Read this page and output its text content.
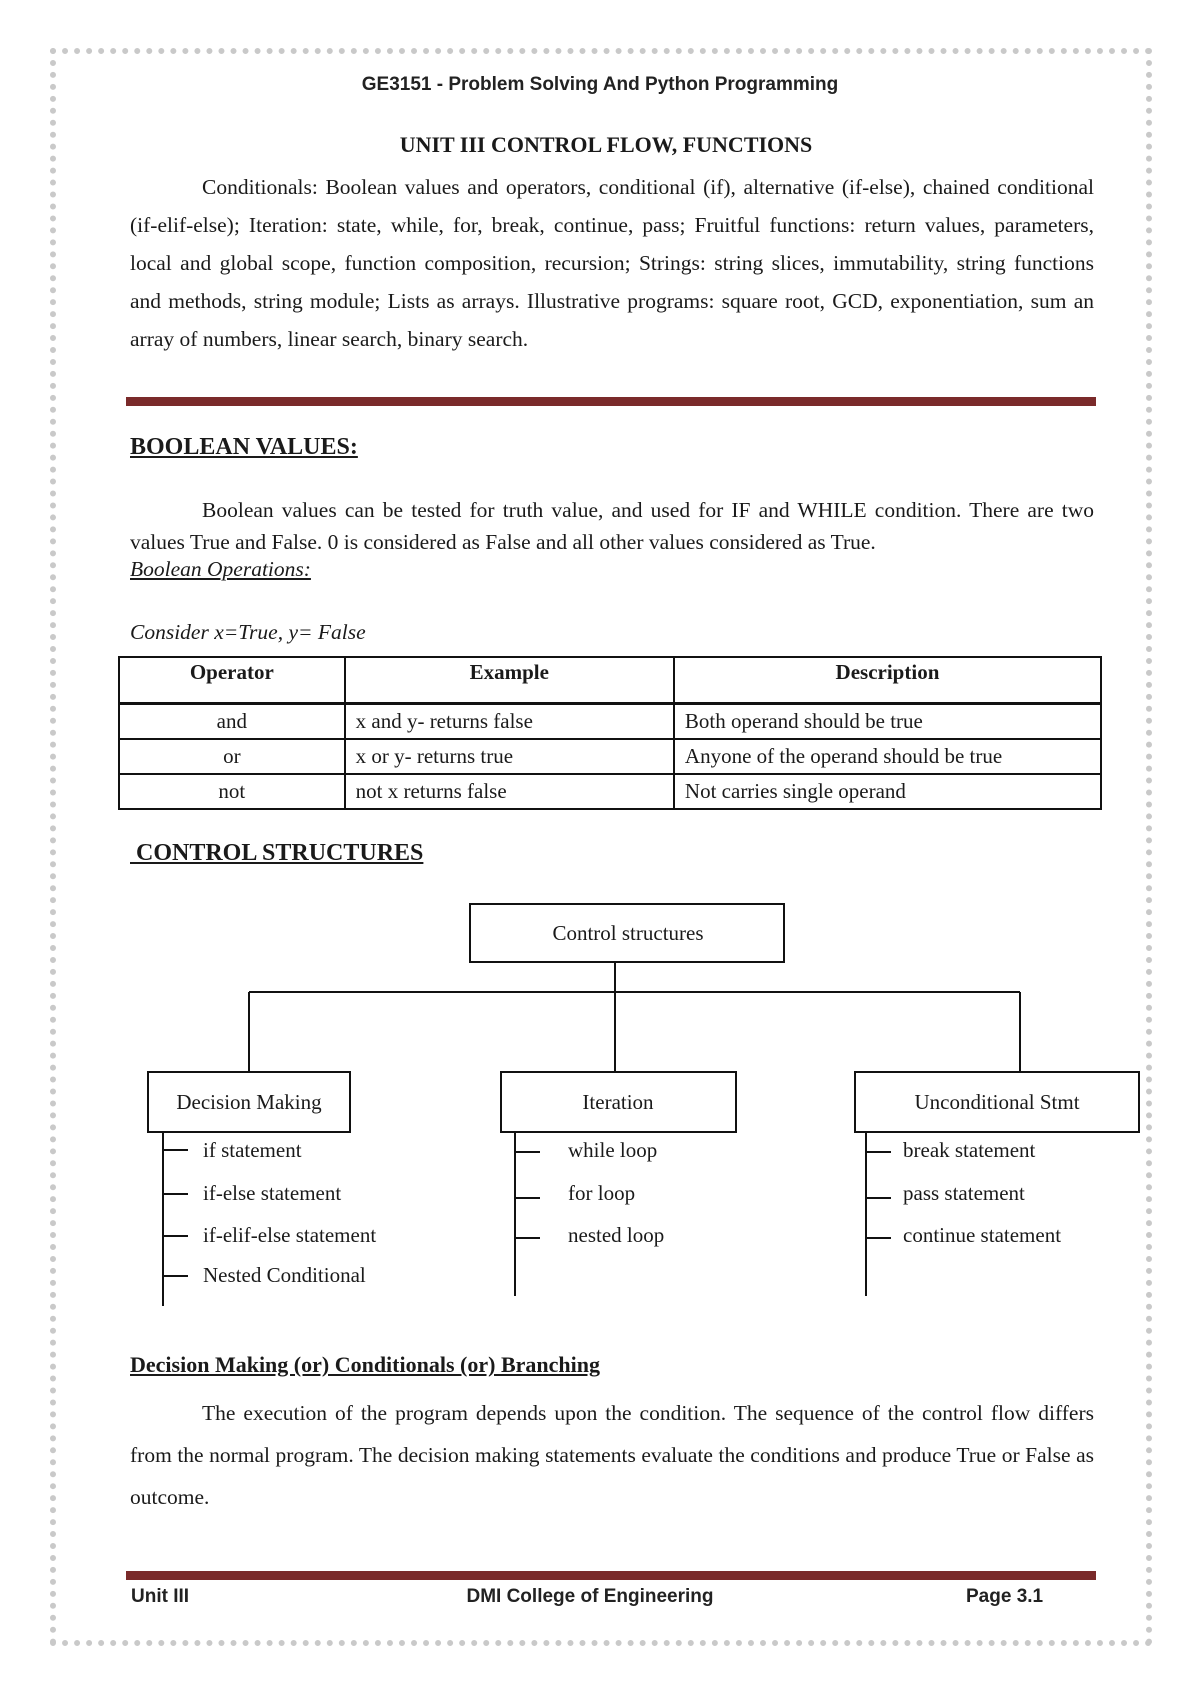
GE3151 - Problem Solving And Python Programming
UNIT III CONTROL FLOW, FUNCTIONS

Conditionals: Boolean values and operators, conditional (if), alternative (if-else), chained conditional (if-elif-else); Iteration: state, while, for, break, continue, pass; Fruitful functions: return values, parameters, local and global scope, function composition, recursion; Strings: string slices, immutability, string functions and methods, string module; Lists as arrays. Illustrative programs: square root, GCD, exponentiation, sum an array of numbers, linear search, binary search.

BOOLEAN VALUES:

Boolean values can be tested for truth value, and used for IF and WHILE condition. There are two values True and False. 0 is considered as False and all other values considered as True.

Boolean Operations:

Consider x=True, y= False

Operator	Example	Description
and	x and y- returns false	Both operand should be true
or	x or y- returns true	Anyone of the operand should be true
not	not x returns false	Not carries single operand
CONTROL STRUCTURES
Control structures
Decision Making	Iteration	Unconditional Stmt
if statement
if-else statement
if-elif-else statement
Nested Conditional
while loop
for loop
nested loop
break statement
pass statement
continue statement
Decision Making (or) Conditionals (or) Branching

The execution of the program depends upon the condition. The sequence of the control flow differs from the normal program. The decision making statements evaluate the conditions and produce True or False as outcome.

Unit III	DMI College of Engineering	Page 3.1
